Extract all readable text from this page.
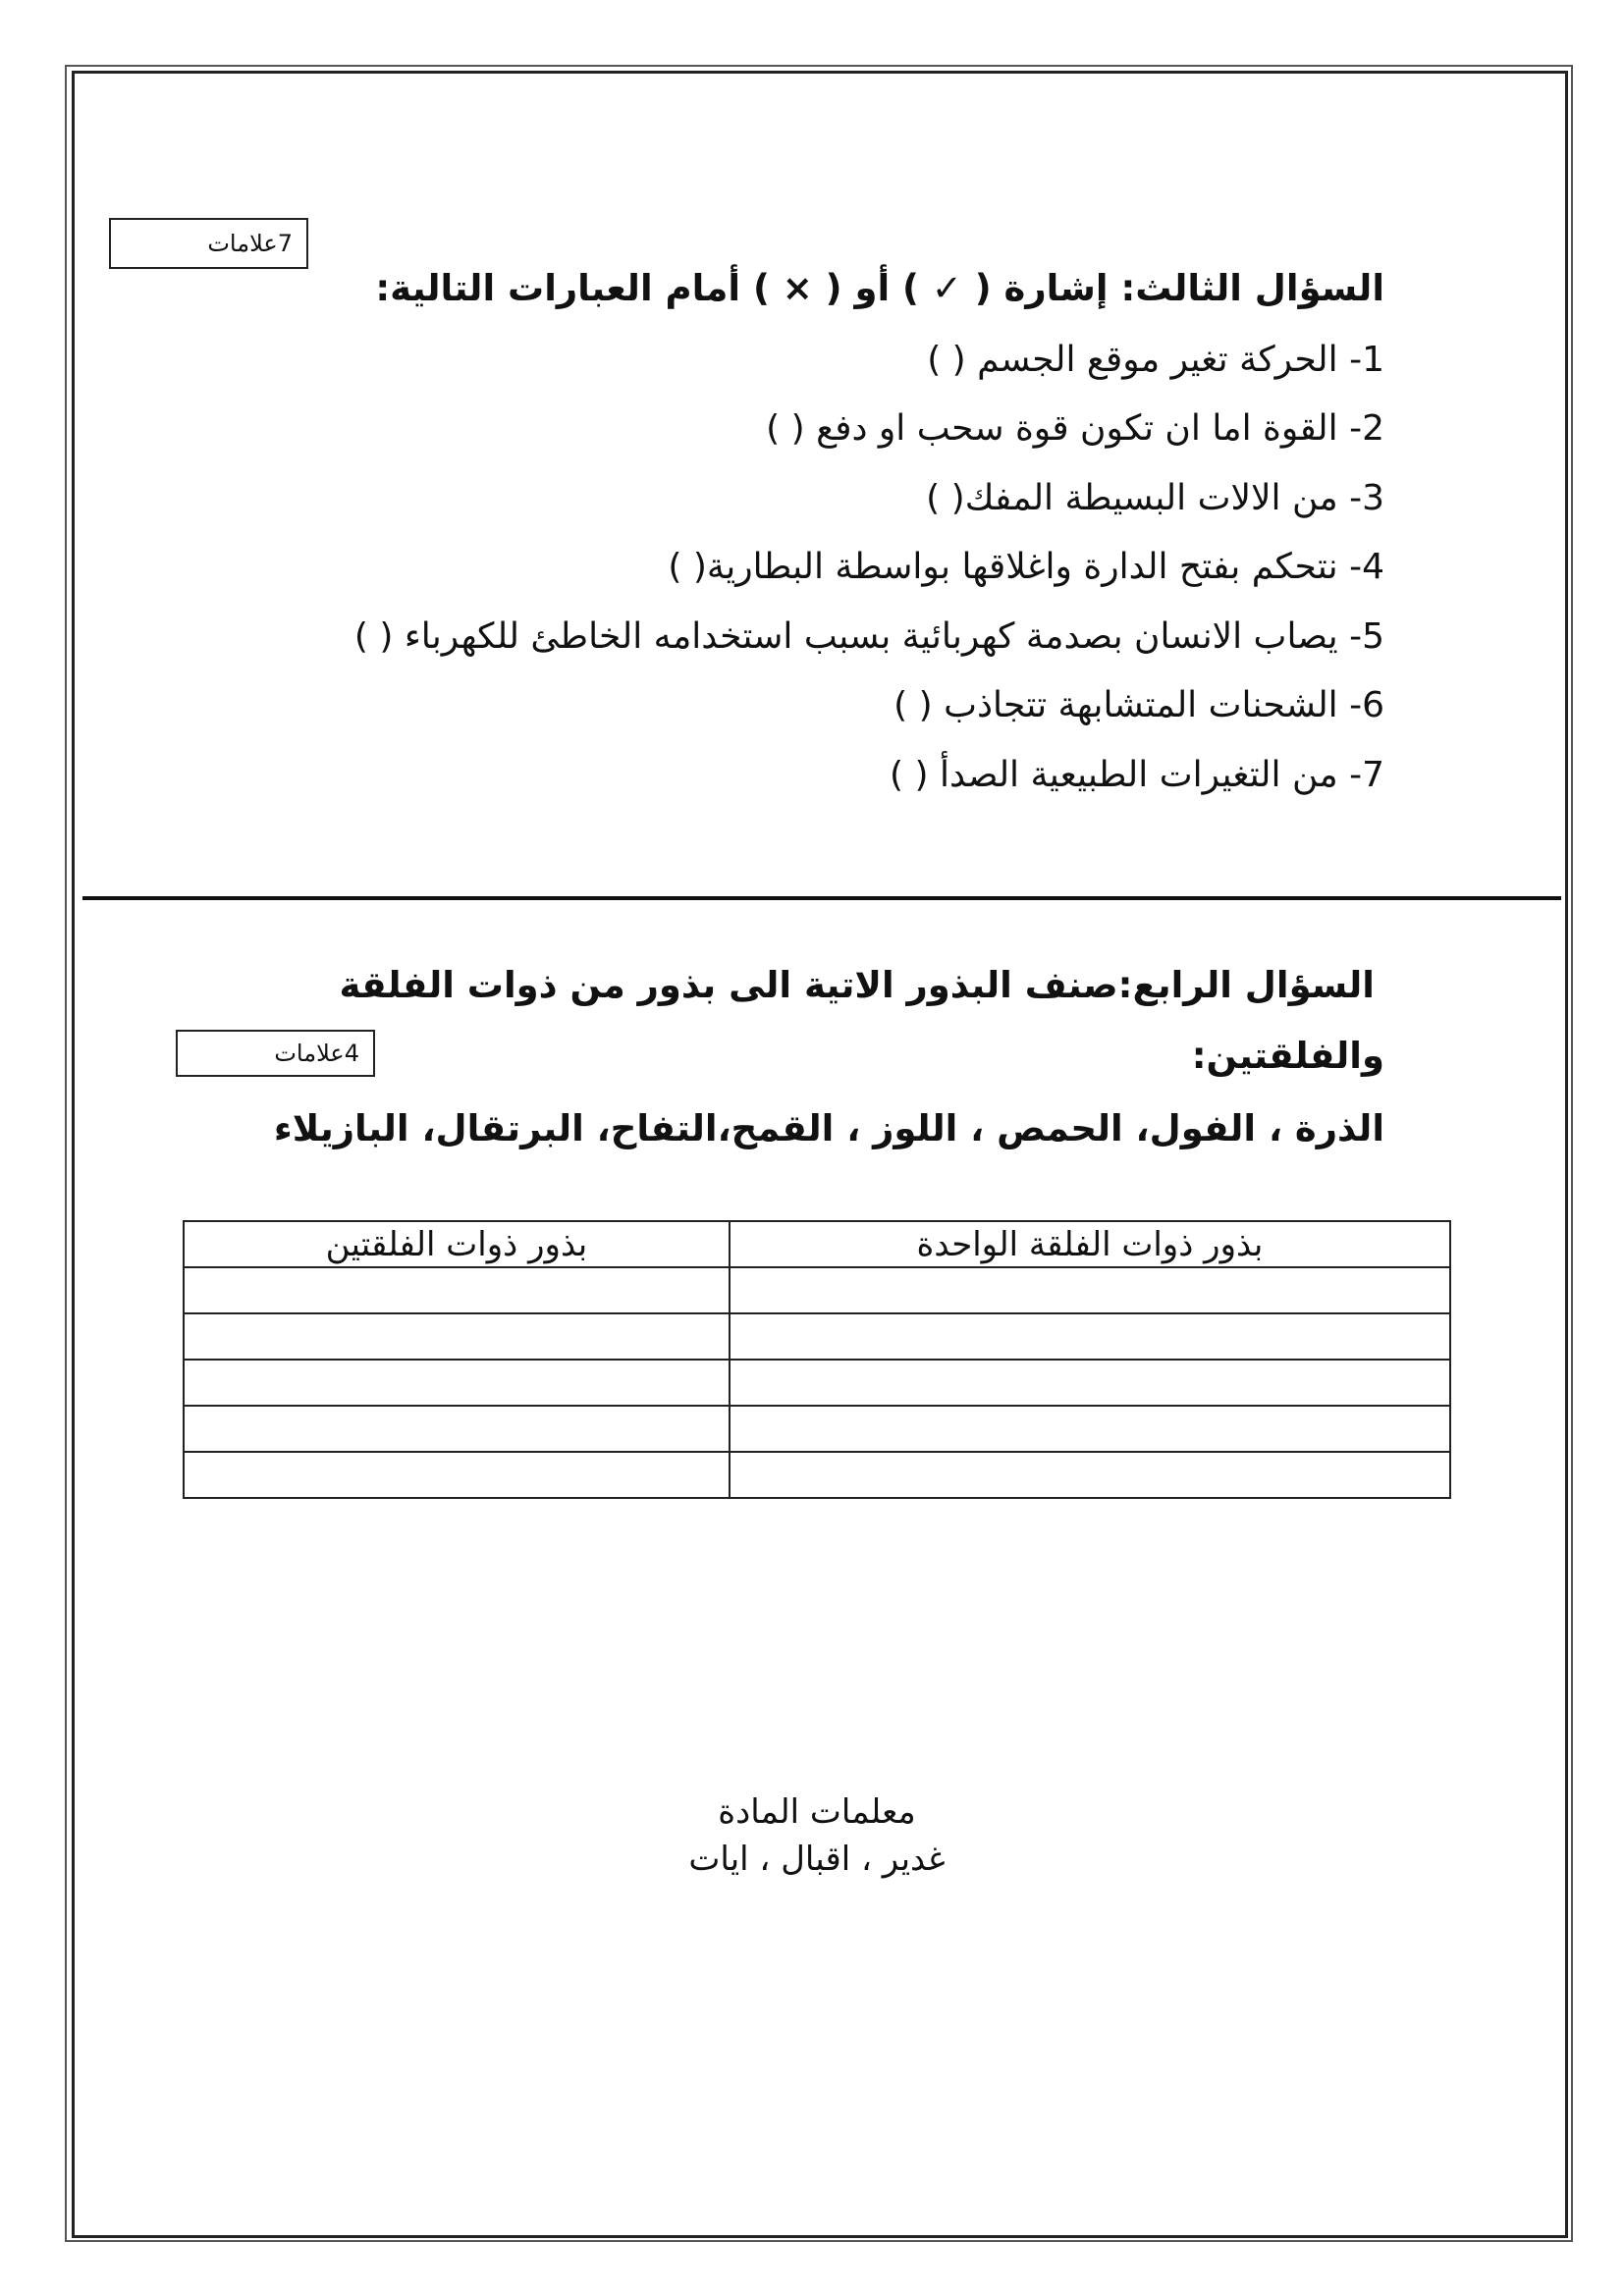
7علامات
السؤال الثالث: إشارة ( ✓ ) أو ( × ) أمام العبارات التالية:
1- الحركة تغير موقع الجسم ( )
2- القوة اما ان تكون قوة سحب او دفع ( )
3- من الالات البسيطة المفك( )
4- نتحكم بفتح الدارة واغلاقها بواسطة البطارية( )
5- يصاب الانسان بصدمة كهربائية بسبب استخدامه الخاطئ للكهرباء ( )
6- الشحنات المتشابهة تتجاذب ( )
7- من التغيرات الطبيعية الصدأ ( )
السؤال الرابع:صنف البذور الاتية الى بذور من ذوات الفلقة
4علامات	والفلقتين:
الذرة ، الفول، الحمص ، اللوز ، القمح،التفاح، البرتقال، البازيلاء
بذور ذوات الفلقة الواحدة	بذور ذوات الفلقتين

معلمات المادة
غدير ، اقبال ، ايات
